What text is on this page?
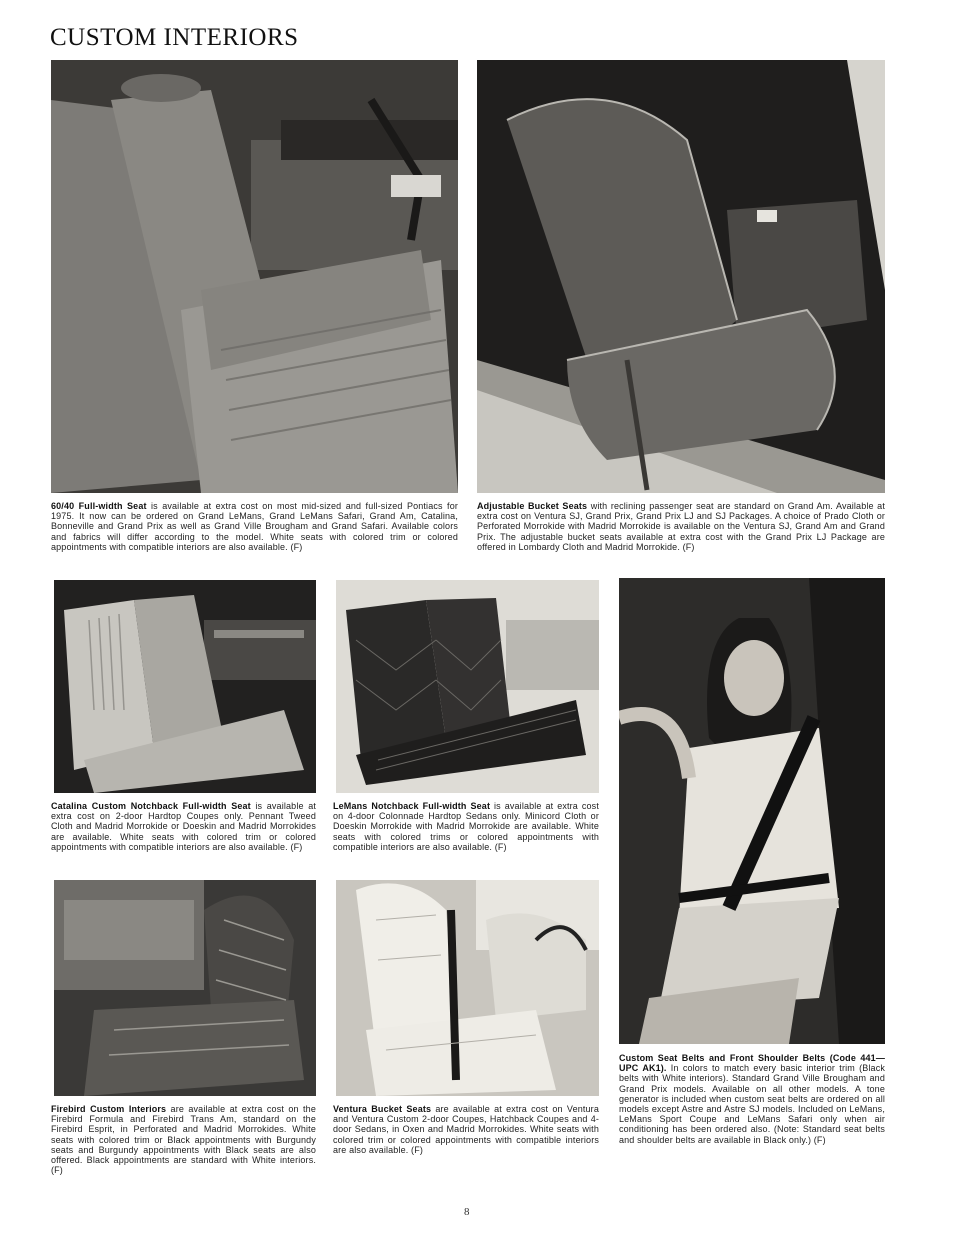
CUSTOM INTERIORS
60/40 Full-width Seat is available at extra cost on most mid-sized and full-sized Pontiacs for 1975. It now can be ordered on Grand LeMans, Grand LeMans Safari, Grand Am, Catalina, Bonneville and Grand Prix as well as Grand Ville Brougham and Grand Safari. Available colors and fabrics will differ according to the model. White seats with colored trim or colored appointments with compatible interiors are also available. (F)
Adjustable Bucket Seats with reclining passenger seat are standard on Grand Am. Available at extra cost on Ventura SJ, Grand Prix, Grand Prix LJ and SJ Packages. A choice of Prado Cloth or Perforated Morrokide with Madrid Morrokide is available on the Ventura SJ, Grand Am and Grand Prix. The adjustable bucket seats available at extra cost with the Grand Prix LJ Package are offered in Lombardy Cloth and Madrid Morrokide. (F)
Catalina Custom Notchback Full-width Seat is available at extra cost on 2-door Hardtop Coupes only. Pennant Tweed Cloth and Madrid Morrokide or Doeskin and Madrid Morrokides are available. White seats with colored trim or colored appointments with compatible interiors are also available. (F)
LeMans Notchback Full-width Seat is available at extra cost on 4-door Colonnade Hardtop Sedans only. Minicord Cloth or Doeskin Morrokide with Madrid Morrokide are available. White seats with colored trims or colored appointments with compatible interiors are also available. (F)
Custom Seat Belts and Front Shoulder Belts (Code 441—UPC AK1). In colors to match every basic interior trim (Black belts with White interiors). Standard Grand Ville Brougham and Grand Prix models. Available on all other models. A tone generator is included when custom seat belts are ordered on all models except Astre and Astre SJ models. Included on LeMans, LeMans Sport Coupe and LeMans Safari only when air conditioning has been ordered also. (Note: Standard seat belts and shoulder belts are available in Black only.) (F)
Firebird Custom Interiors are available at extra cost on the Firebird Formula and Firebird Trans Am, standard on the Firebird Esprit, in Perforated and Madrid Morrokides. White seats with colored trim or Black appointments with Burgundy seats and Burgundy appointments with Black seats are also offered. Black appointments are standard with White interiors. (F)
Ventura Bucket Seats are available at extra cost on Ventura and Ventura Custom 2-door Coupes, Hatchback Coupes and 4-door Sedans, in Oxen and Madrid Morrokides. White seats with colored trim or colored appointments with compatible interiors are also available. (F)
8
